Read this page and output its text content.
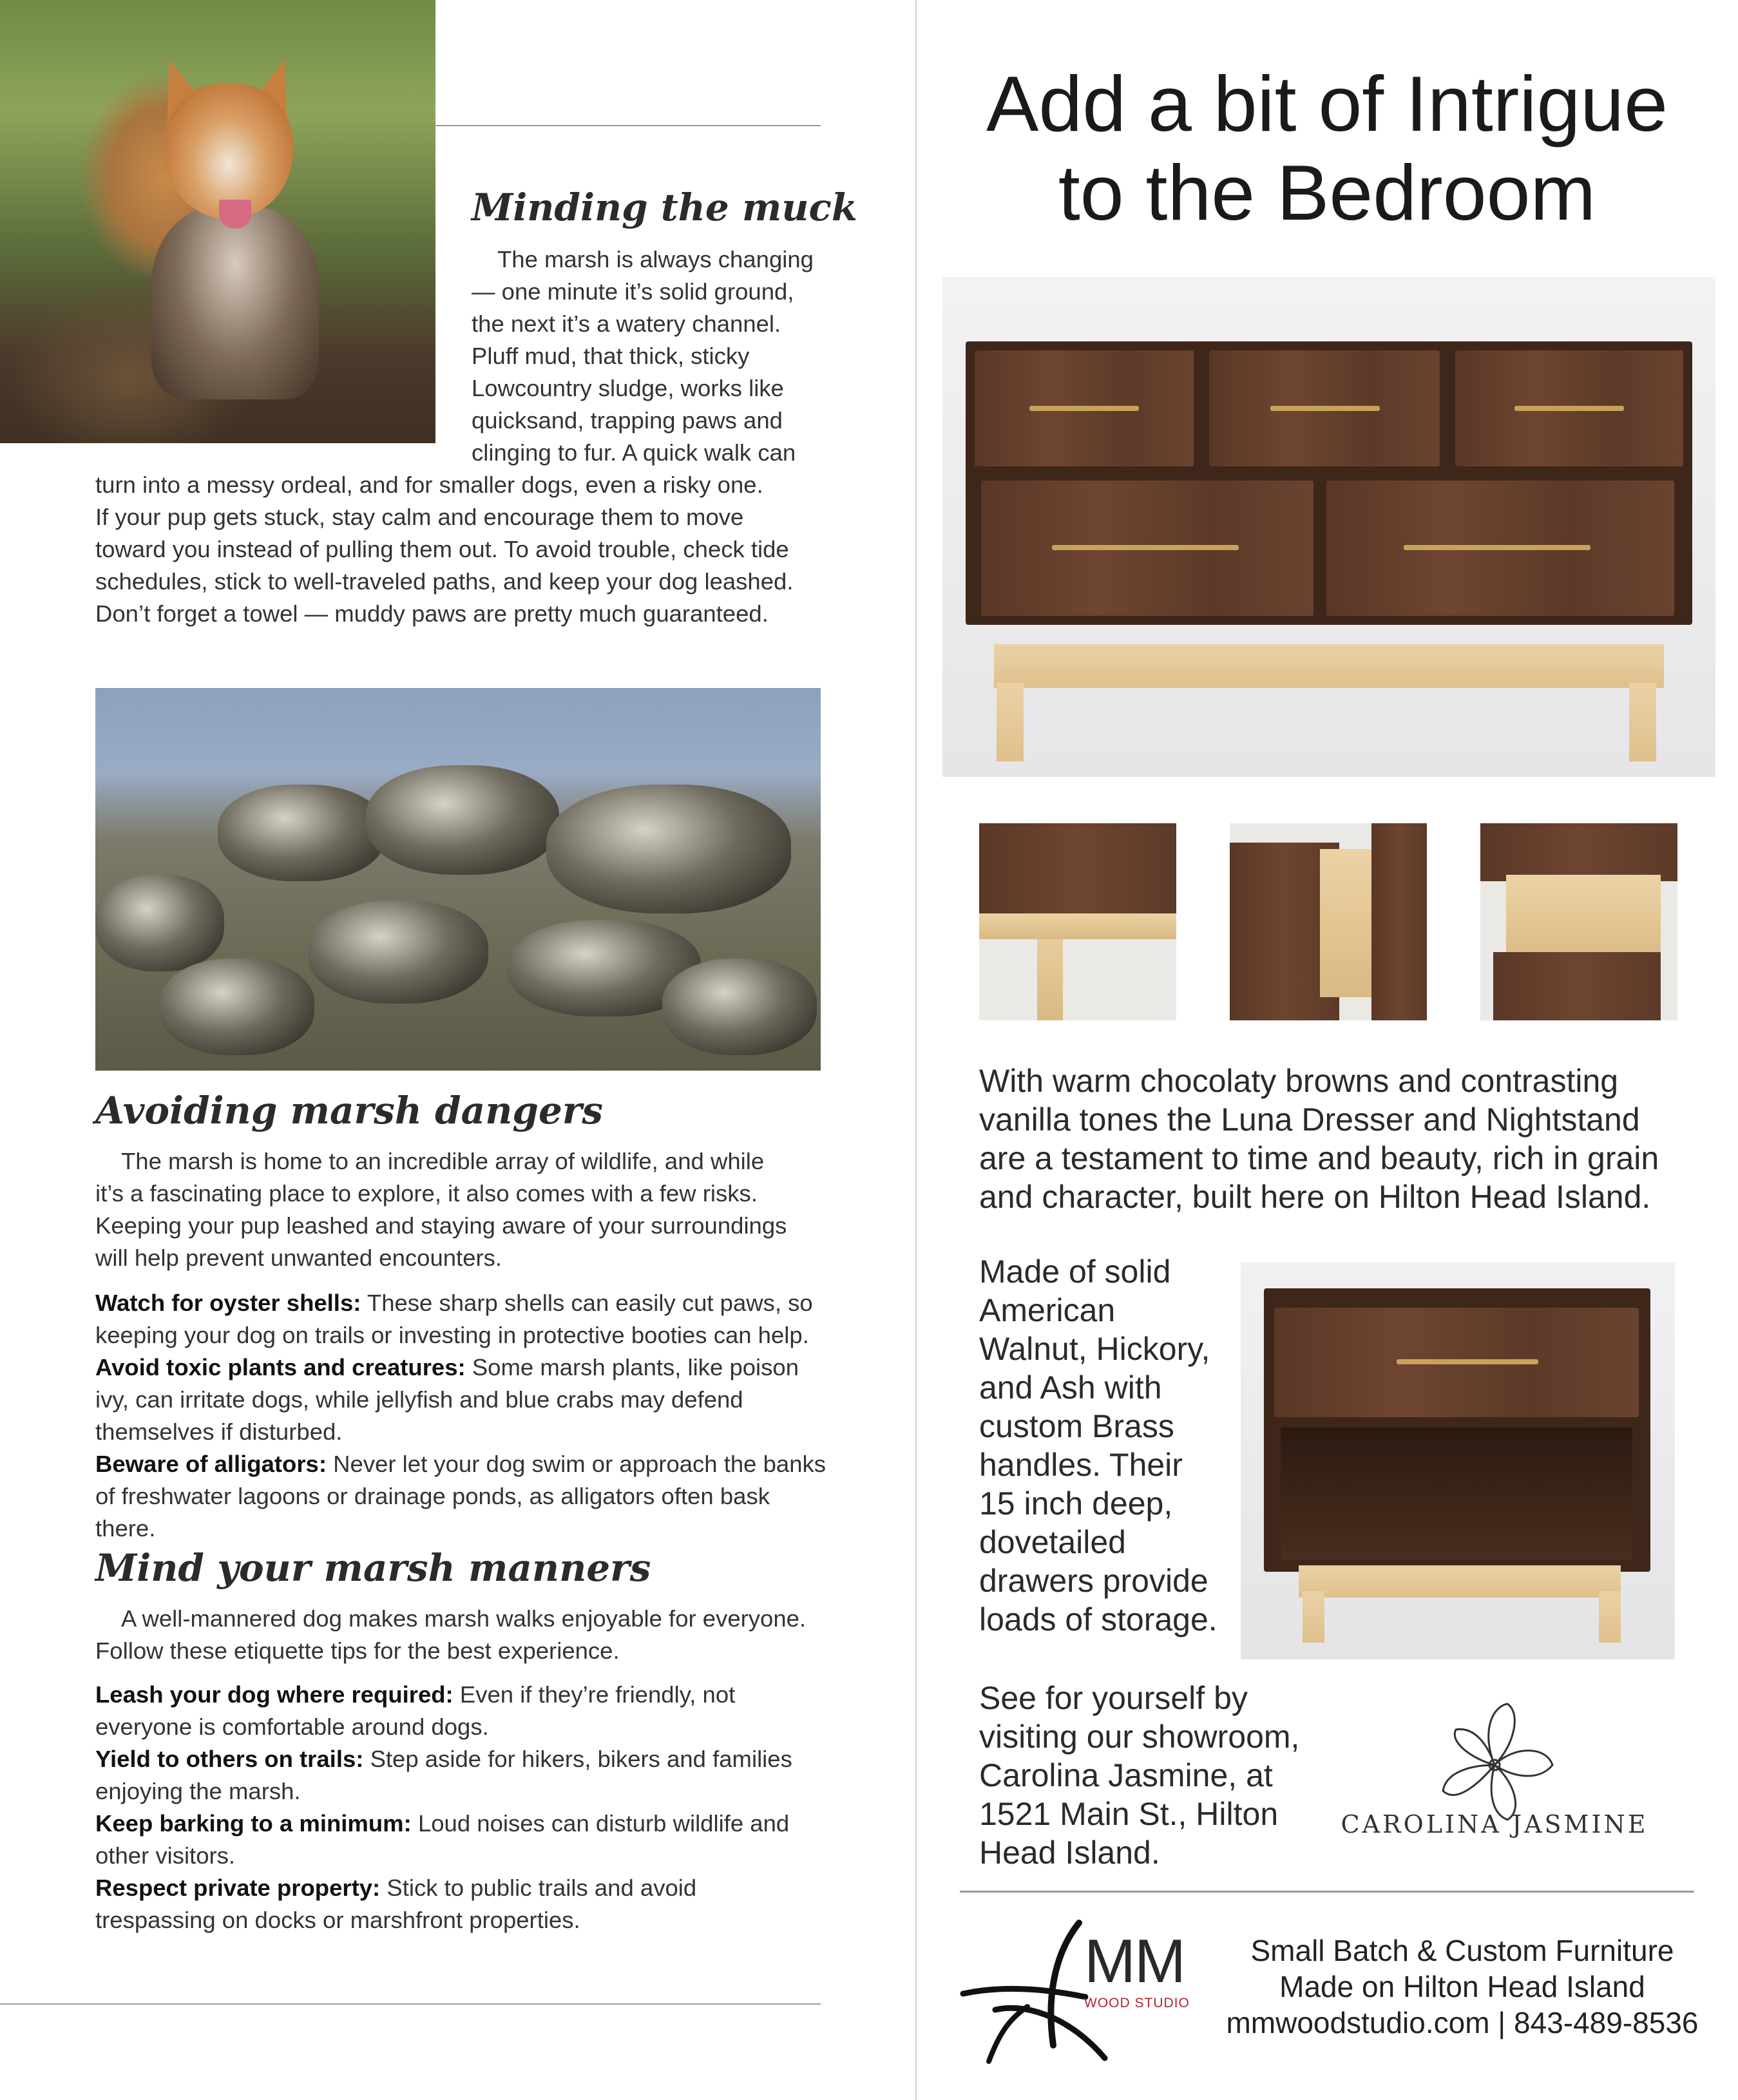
Minding the muck

The marsh is always changing

— one minute it’s solid ground,

the next it’s a watery channel.

Pluff mud, that thick, sticky

Lowcountry sludge, works like

quicksand, trapping paws and

clinging to fur. A quick walk can

turn into a messy ordeal, and for smaller dogs, even a risky one.

If your pup gets stuck, stay calm and encourage them to move

toward you instead of pulling them out. To avoid trouble, check tide

schedules, stick to well-traveled paths, and keep your dog leashed.

Don’t forget a towel — muddy paws are pretty much guaranteed.

Avoiding marsh dangers

The marsh is home to an incredible array of wildlife, and while

it’s a fascinating place to explore, it also comes with a few risks.

Keeping your pup leashed and staying aware of your surroundings

will help prevent unwanted encounters.

Watch for oyster shells: These sharp shells can easily cut paws, so

keeping your dog on trails or investing in protective booties can help.

Avoid toxic plants and creatures: Some marsh plants, like poison

ivy, can irritate dogs, while jellyfish and blue crabs may defend

themselves if disturbed.

Beware of alligators: Never let your dog swim or approach the banks

of freshwater lagoons or drainage ponds, as alligators often bask there.

Mind your marsh manners

A well-mannered dog makes marsh walks enjoyable for everyone.

Follow these etiquette tips for the best experience.

Leash your dog where required: Even if they’re friendly, not

everyone is comfortable around dogs.

Yield to others on trails: Step aside for hikers, bikers and families

enjoying the marsh.

Keep barking to a minimum: Loud noises can disturb wildlife and

other visitors.

Respect private property: Stick to public trails and avoid

trespassing on docks or marshfront properties.

Add a bit of Intrigue
to the Bedroom

With warm chocolaty browns and contrasting

vanilla tones the Luna Dresser and Nightstand

are a testament to time and beauty, rich in grain

and character, built here on Hilton Head Island.

Made of solid

American

Walnut, Hickory,

and Ash with

custom Brass

handles. Their

15 inch deep,

dovetailed

drawers provide

loads of storage.

See for yourself by

visiting our showroom,

Carolina Jasmine, at

1521 Main St., Hilton

Head Island.

CAROLINA JASMINE
MM
WOOD STUDIO
Small Batch & Custom Furniture
Made on Hilton Head Island
mmwoodstudio.com | 843-489-8536
